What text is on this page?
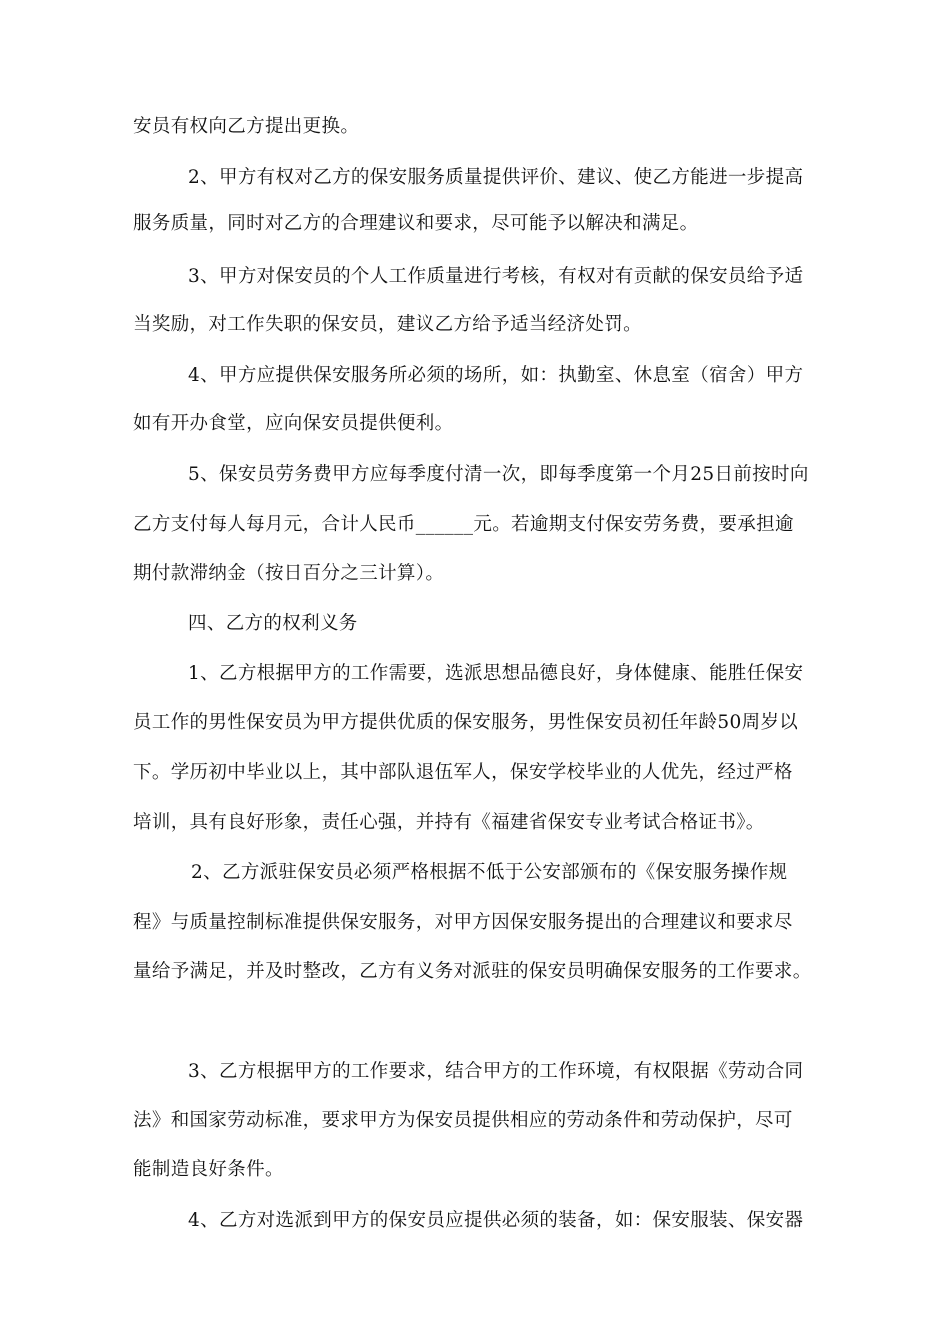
安员有权向乙方提出更换。
2、甲方有权对乙方的保安服务质量提供评价、建议、使乙方能进一步提高
服务质量，同时对乙方的合理建议和要求，尽可能予以解决和满足。
3、甲方对保安员的个人工作质量进行考核，有权对有贡献的保安员给予适
当奖励，对工作失职的保安员，建议乙方给予适当经济处罚。
4、甲方应提供保安服务所必须的场所，如：执勤室、休息室（宿舍）甲方
如有开办食堂，应向保安员提供便利。
5、保安员劳务费甲方应每季度付清一次，即每季度第一个月25日前按时向
乙方支付每人每月元，合计人民币______元。若逾期支付保安劳务费，要承担逾
期付款滞纳金（按日百分之三计算）。
四、乙方的权利义务
1、乙方根据甲方的工作需要，选派思想品德良好，身体健康、能胜任保安
员工作的男性保安员为甲方提供优质的保安服务，男性保安员初任年龄50周岁以
下。学历初中毕业以上，其中部队退伍军人，保安学校毕业的人优先，经过严格
培训，具有良好形象，责任心强，并持有《福建省保安专业考试合格证书》。
2、乙方派驻保安员必须严格根据不低于公安部颁布的《保安服务操作规
程》与质量控制标准提供保安服务，对甲方因保安服务提出的合理建议和要求尽
量给予满足，并及时整改，乙方有义务对派驻的保安员明确保安服务的工作要求。
3、乙方根据甲方的工作要求，结合甲方的工作环境，有权限据《劳动合同
法》和国家劳动标准，要求甲方为保安员提供相应的劳动条件和劳动保护，尽可
能制造良好条件。
4、乙方对选派到甲方的保安员应提供必须的装备，如：保安服装、保安器
